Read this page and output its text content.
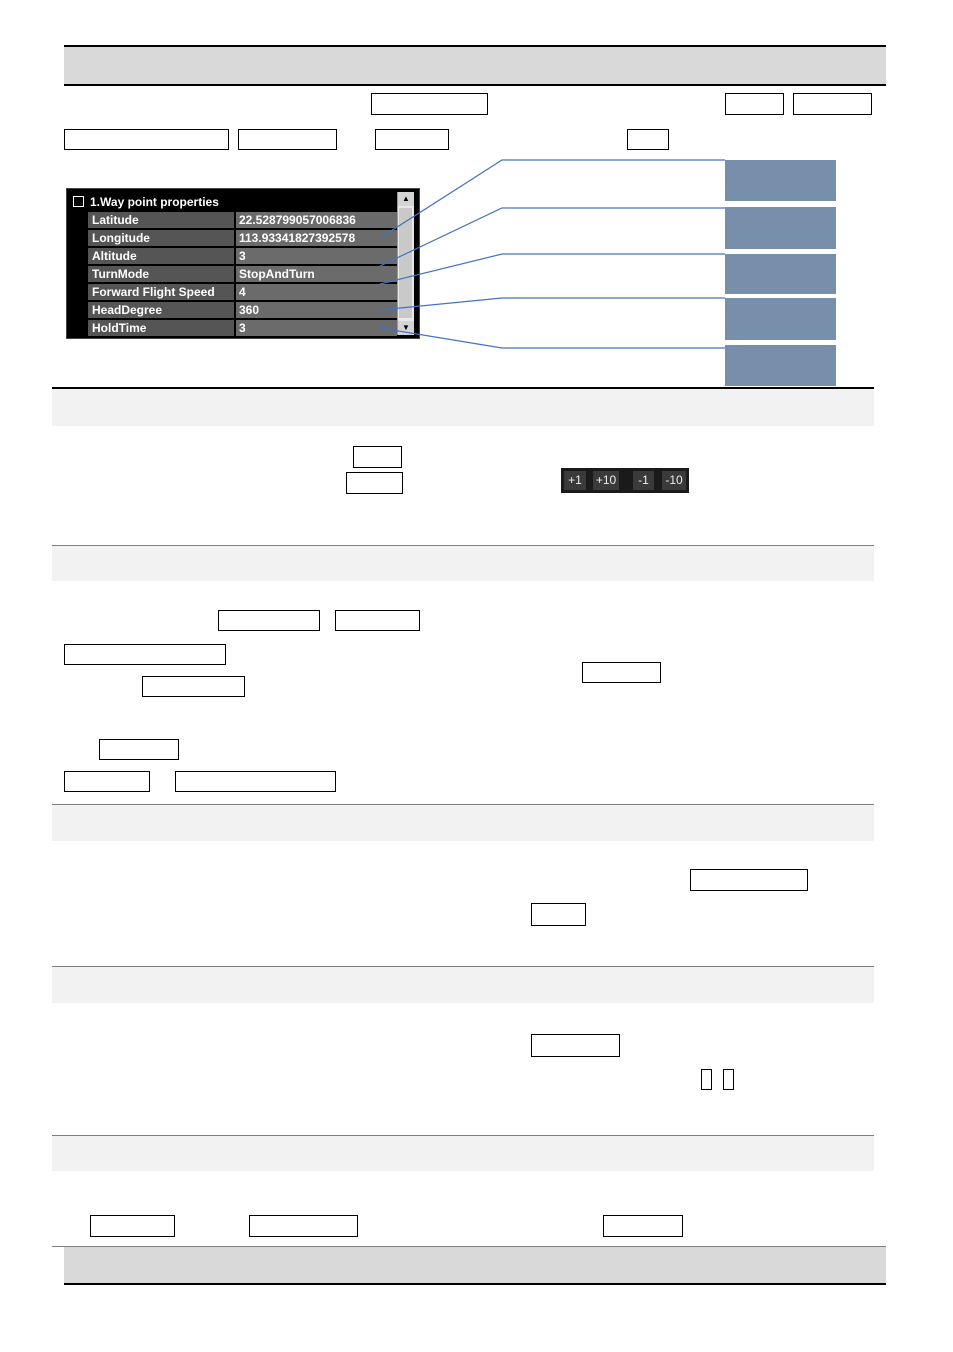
1.Way point properties
Latitude	22.528799057006836
Longitude	113.93341827392578
Altitude	3
TurnMode	StopAndTurn
Forward Flight Speed	4
HeadDegree	360
HoldTime	3
▲
▼
+1	+10	-1	-10
